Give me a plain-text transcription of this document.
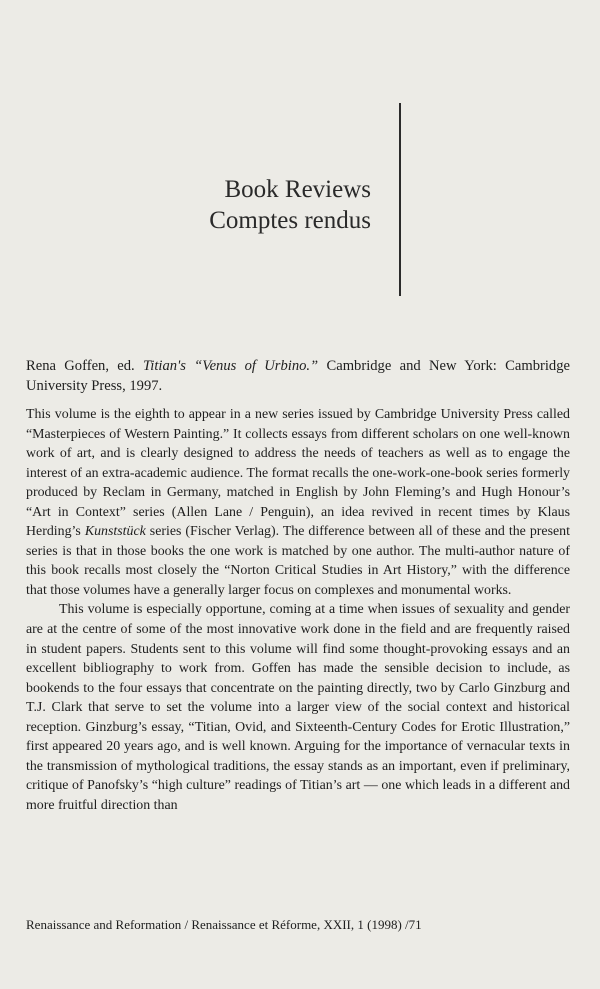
Book Reviews
Comptes rendus
Rena Goffen, ed. Titian's “Venus of Urbino.” Cambridge and New York: Cambridge University Press, 1997.

This volume is the eighth to appear in a new series issued by Cambridge University Press called “Masterpieces of Western Painting.” It collects essays from different scholars on one well-known work of art, and is clearly designed to address the needs of teachers as well as to engage the interest of an extra-academic audience. The format recalls the one-work-one-book series formerly produced by Reclam in Germany, matched in English by John Fleming’s and Hugh Honour’s “Art in Context” series (Allen Lane / Penguin), an idea revived in recent times by Klaus Herding’s Kunststück series (Fischer Verlag). The difference between all of these and the present series is that in those books the one work is matched by one author. The multi-author nature of this book recalls most closely the “Norton Critical Studies in Art History,” with the difference that those volumes have a generally larger focus on complexes and monumental works.

This volume is especially opportune, coming at a time when issues of sexuality and gender are at the centre of some of the most innovative work done in the field and are frequently raised in student papers. Students sent to this volume will find some thought-provoking essays and an excellent bibliography to work from. Goffen has made the sensible decision to include, as bookends to the four essays that concentrate on the painting directly, two by Carlo Ginzburg and T.J. Clark that serve to set the volume into a larger view of the social context and historical reception. Ginzburg’s essay, “Titian, Ovid, and Sixteenth-Century Codes for Erotic Illustration,” first appeared 20 years ago, and is well known. Arguing for the importance of vernacular texts in the transmission of mythological traditions, the essay stands as an important, even if preliminary, critique of Panofsky’s “high culture” readings of Titian’s art — one which leads in a different and more fruitful direction than

Renaissance and Reformation / Renaissance et Réforme, XXII, 1 (1998) /71
